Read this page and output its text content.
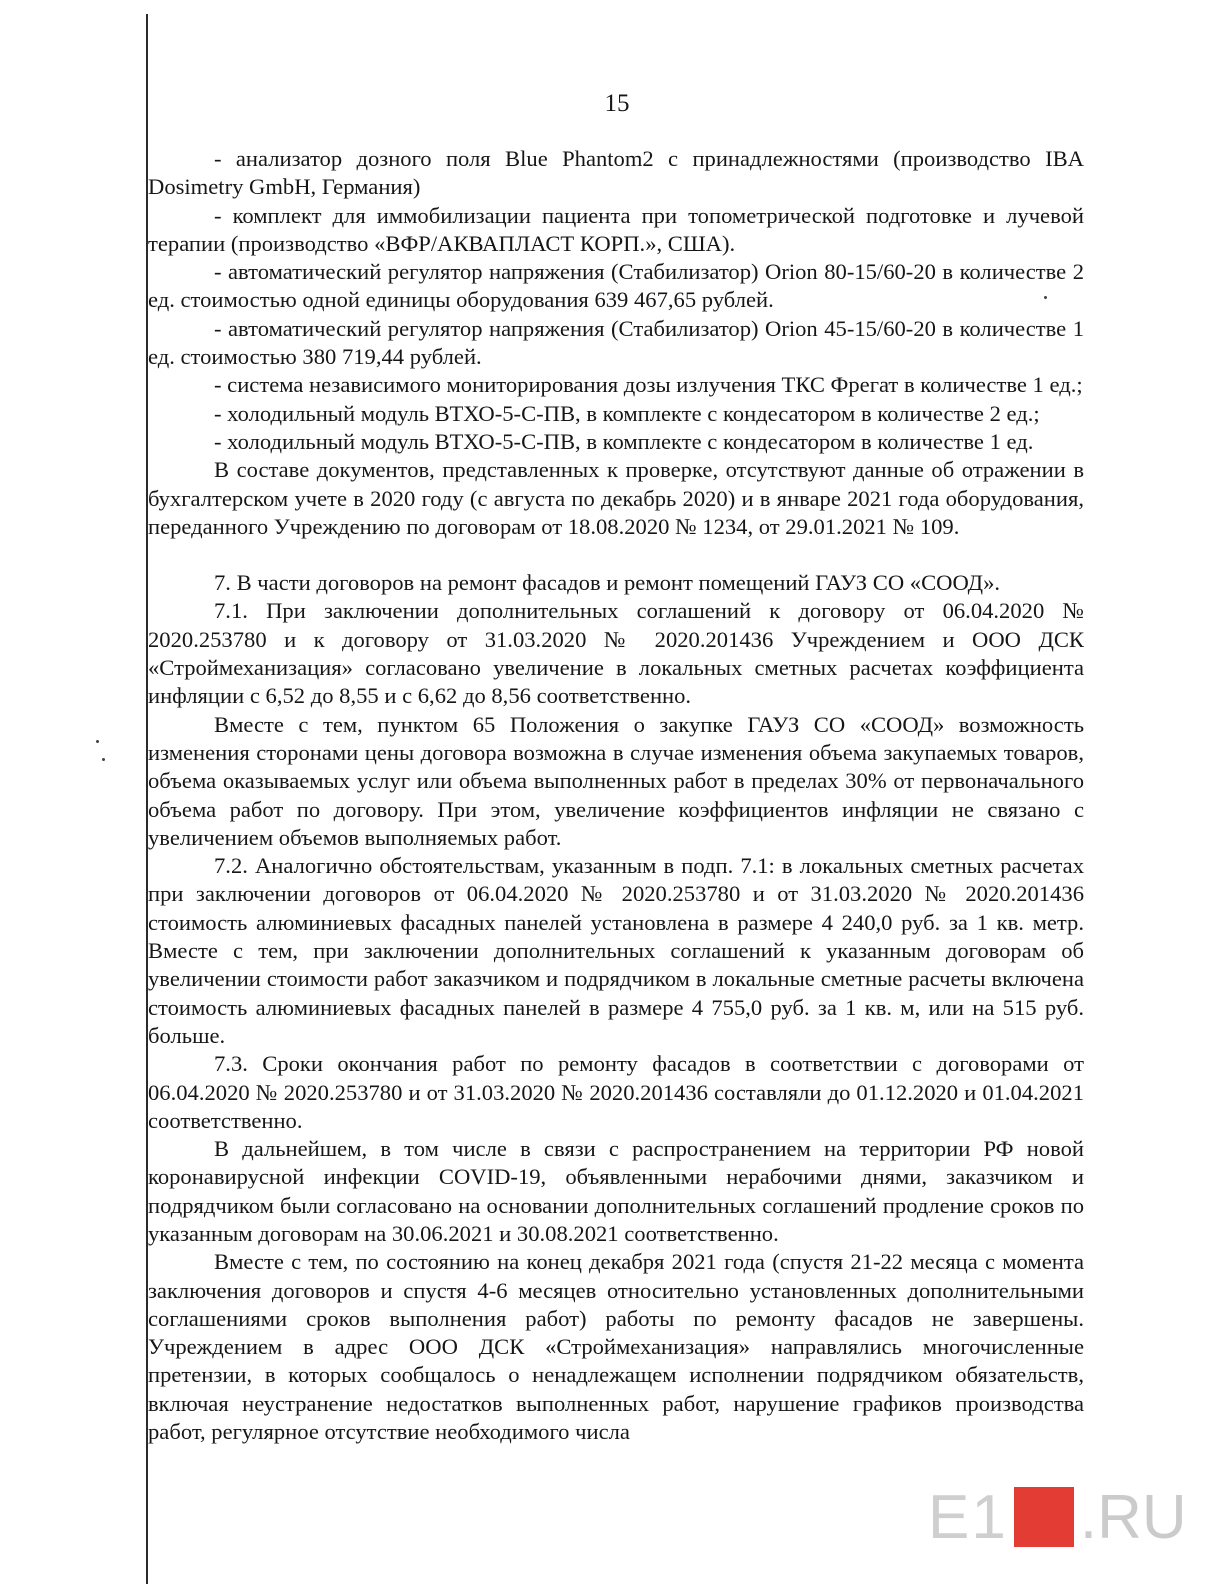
15

- анализатор дозного поля Blue Phantom2 с принадлежностями (производство IBA Dosimetry GmbH, Германия)

- комплект для иммобилизации пациента при топометрической подготовке и лучевой терапии (производство «ВФР/АКВАПЛАСТ КОРП.», США).

- автоматический регулятор напряжения (Стабилизатор) Orion 80-15/60-20 в количестве 2 ед. стоимостью одной единицы оборудования 639 467,65 рублей.

- автоматический регулятор напряжения (Стабилизатор) Orion 45-15/60-20 в количестве 1 ед. стоимостью 380 719,44 рублей.

- система независимого мониторирования дозы излучения ТКС Фрегат в количестве 1 ед.;

- холодильный модуль ВТХО-5-С-ПВ, в комплекте с кондесатором в количестве 2 ед.;

- холодильный модуль ВТХО-5-С-ПВ, в комплекте с кондесатором в количестве 1 ед.

В составе документов, представленных к проверке, отсутствуют данные об отражении в бухгалтерском учете в 2020 году (с августа по декабрь 2020) и в январе 2021 года оборудования, переданного Учреждению по договорам от 18.08.2020 № 1234, от 29.01.2021 № 109.

7. В части договоров на ремонт фасадов и ремонт помещений ГАУЗ СО «СООД».

7.1. При заключении дополнительных соглашений к договору от 06.04.2020 № 2020.253780 и к договору от 31.03.2020 № 2020.201436 Учреждением и ООО ДСК «Строймеханизация» согласовано увеличение в локальных сметных расчетах коэффициента инфляции с 6,52 до 8,55 и с 6,62 до 8,56 соответственно.

Вместе с тем, пунктом 65 Положения о закупке ГАУЗ СО «СООД» возможность изменения сторонами цены договора возможна в случае изменения объема закупаемых товаров, объема оказываемых услуг или объема выполненных работ в пределах 30% от первоначального объема работ по договору. При этом, увеличение коэффициентов инфляции не связано с увеличением объемов выполняемых работ.

7.2. Аналогично обстоятельствам, указанным в подп. 7.1: в локальных сметных расчетах при заключении договоров от 06.04.2020 № 2020.253780 и от 31.03.2020 № 2020.201436 стоимость алюминиевых фасадных панелей установлена в размере 4 240,0 руб. за 1 кв. метр. Вместе с тем, при заключении дополнительных соглашений к указанным договорам об увеличении стоимости работ заказчиком и подрядчиком в локальные сметные расчеты включена стоимость алюминиевых фасадных панелей в размере 4 755,0 руб. за 1 кв. м, или на 515 руб. больше.

7.3. Сроки окончания работ по ремонту фасадов в соответствии с договорами от 06.04.2020 № 2020.253780 и от 31.03.2020 № 2020.201436 составляли до 01.12.2020 и 01.04.2021 соответственно.

В дальнейшем, в том числе в связи с распространением на территории РФ новой коронавирусной инфекции COVID-19, объявленными нерабочими днями, заказчиком и подрядчиком были согласовано на основании дополнительных соглашений продление сроков по указанным договорам на 30.06.2021 и 30.08.2021 соответственно.

Вместе с тем, по состоянию на конец декабря 2021 года (спустя 21-22 месяца с момента заключения договоров и спустя 4-6 месяцев относительно установленных дополнительными соглашениями сроков выполнения работ) работы по ремонту фасадов не завершены. Учреждением в адрес ООО ДСК «Строймеханизация» направлялись многочисленные претензии, в которых сообщалось о ненадлежащем исполнении подрядчиком обязательств, включая неустранение недостатков выполненных работ, нарушение графиков производства работ, регулярное отсутствие необходимого числа

E1 .RU
